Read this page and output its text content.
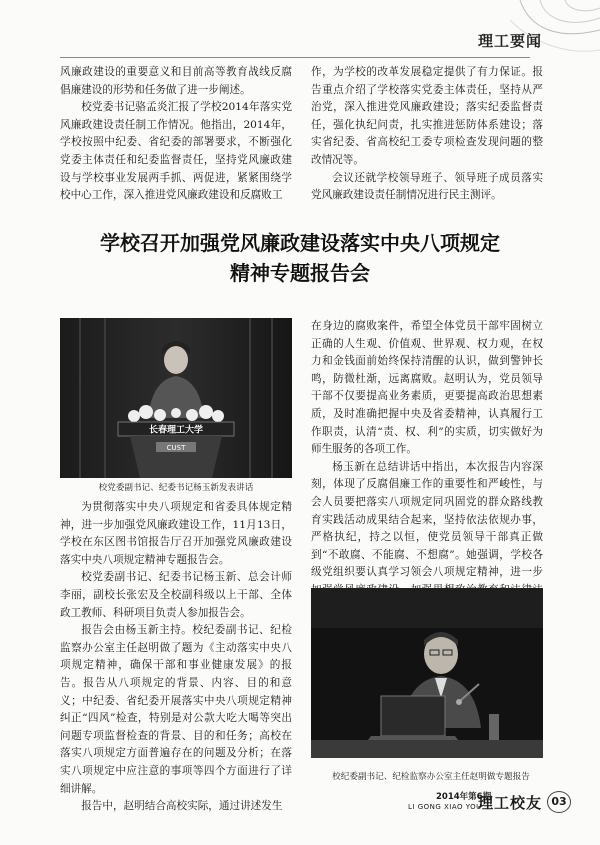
理工要闻

风廉政建设的重要意义和目前高等教育战线反腐倡廉建设的形势和任务做了进一步阐述。

校党委书记骆孟炎汇报了学校2014年落实党风廉政建设责任制工作情况。他指出，2014年，学校按照中纪委、省纪委的部署要求，不断强化党委主体责任和纪委监督责任，坚持党风廉政建设与学校事业发展两手抓、两促进，紧紧围绕学校中心工作，深入推进党风廉政建设和反腐败工

作，为学校的改革发展稳定提供了有力保证。报告重点介绍了学校落实党委主体责任，坚持从严治党，深入推进党风廉政建设；落实纪委监督责任，强化执纪问责，扎实推进惩防体系建设；落实省纪委、省高校纪工委专项检查发现问题的整改情况等。

会议还就学校领导班子、领导班子成员落实党风廉政建设责任制情况进行民主测评。

学校召开加强党风廉政建设落实中央八项规定
精神专题报告会
长春理工大学
CUST
校党委副书记、纪委书记杨玉新发表讲话

为贯彻落实中央八项规定和省委具体规定精神，进一步加强党风廉政建设工作，11月13日，学校在东区图书馆报告厅召开加强党风廉政建设落实中央八项规定精神专题报告会。

校党委副书记、纪委书记杨玉新、总会计师李丽，副校长张宏及全校副科级以上干部、全体政工教师、科研项目负责人参加报告会。

报告会由杨玉新主持。校纪委副书记、纪检监察办公室主任赵明做了题为《主动落实中央八项规定精神，确保干部和事业健康发展》的报告。报告从八项规定的背景、内容、目的和意义；中纪委、省纪委开展落实中央八项规定精神纠正“四风”检查，特别是对公款大吃大喝等突出问题专项监督检查的背景、目的和任务；高校在落实八项规定方面普遍存在的问题及分析；在落实八项规定中应注意的事项等四个方面进行了详细讲解。

报告中，赵明结合高校实际，通过讲述发生

在身边的腐败案件，希望全体党员干部牢固树立正确的人生观、价值观、世界观、权力观，在权力和金钱面前始终保持清醒的认识，做到警钟长鸣，防微杜渐，远离腐败。赵明认为，党员领导干部不仅要提高业务素质，更要提高政治思想素质，及时准确把握中央及省委精神，认真履行工作职责，认清“责、权、利”的实质，切实做好为师生服务的各项工作。

杨玉新在总结讲话中指出，本次报告内容深刻，体现了反腐倡廉工作的重要性和严峻性，与会人员要把落实八项规定同巩固党的群众路线教育实践活动成果结合起来，坚持依法依规办事，严格执纪，持之以恒，使党员领导干部真正做到“不敢腐、不能腐、不想腐”。她强调，学校各级党组织要认真学习领会八项规定精神，进一步

校纪委副书记、纪检监察办公室主任赵明做专题报告
2014年第6期
LI GONG XIAO YOU
理工校友 03
